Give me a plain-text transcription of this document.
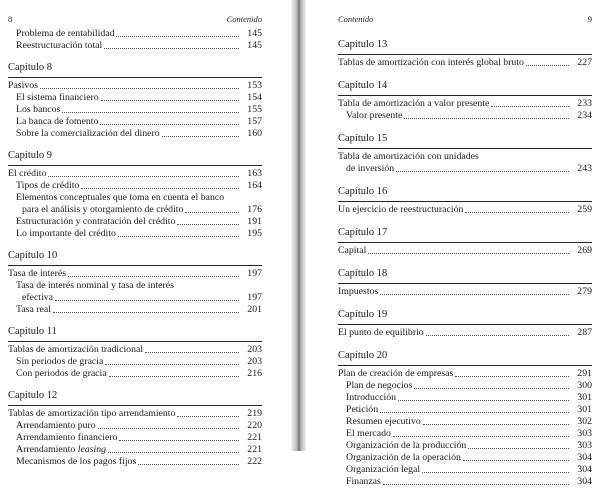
8	Contenido
Problema de rentabilidad	145
Reestructuración total	145
Capítulo 8
Pasivos	153
El sistema financiero	154
Los bancos	155
La banca de fomento	157
Sobre la comercialización del dinero	160
Capítulo 9
El crédito	163
Tipos de crédito	164
Elementos conceptuales que toma en cuenta el banco
para el análisis y otorgamiento de crédito	176
Estructuración y contratación del crédito	191
Lo importante del crédito	195
Capítulo 10
Tasa de interés	197
Tasa de interés nominal y tasa de interés
efectiva	197
Tasa real	201
Capítulo 11
Tablas de amortización tradicional	203
Sin periodos de gracia	203
Con periodos de gracia	216
Capítulo 12
Tablas de amortización tipo arrendamiento	219
Arrendamiento puro	220
Arrendamiento financiero	221
Arrendamiento leasing	221
Mecanismos de los pagos fijos	222
Contenido	9
Capítulo 13
Tablas de amortización con interés global bruto	227
Capítulo 14
Tabla de amortización a valor presente	233
Valor presente	234
Capítulo 15
Tabla de amortización con unidades
de inversión	243
Capítulo 16
Un ejercicio de reestructuración	259
Capítulo 17
Capital	269
Capítulo 18
Impuestos	279
Capítulo 19
El punto de equilibrio	287
Capítulo 20
Plan de creación de empresas	291
Plan de negocios	300
Introducción	301
Petición	301
Resumen ejecutivo	302
El mercado	303
Organización de la producción	303
Organización de la operación	304
Organización legal	304
Finanzas	304
